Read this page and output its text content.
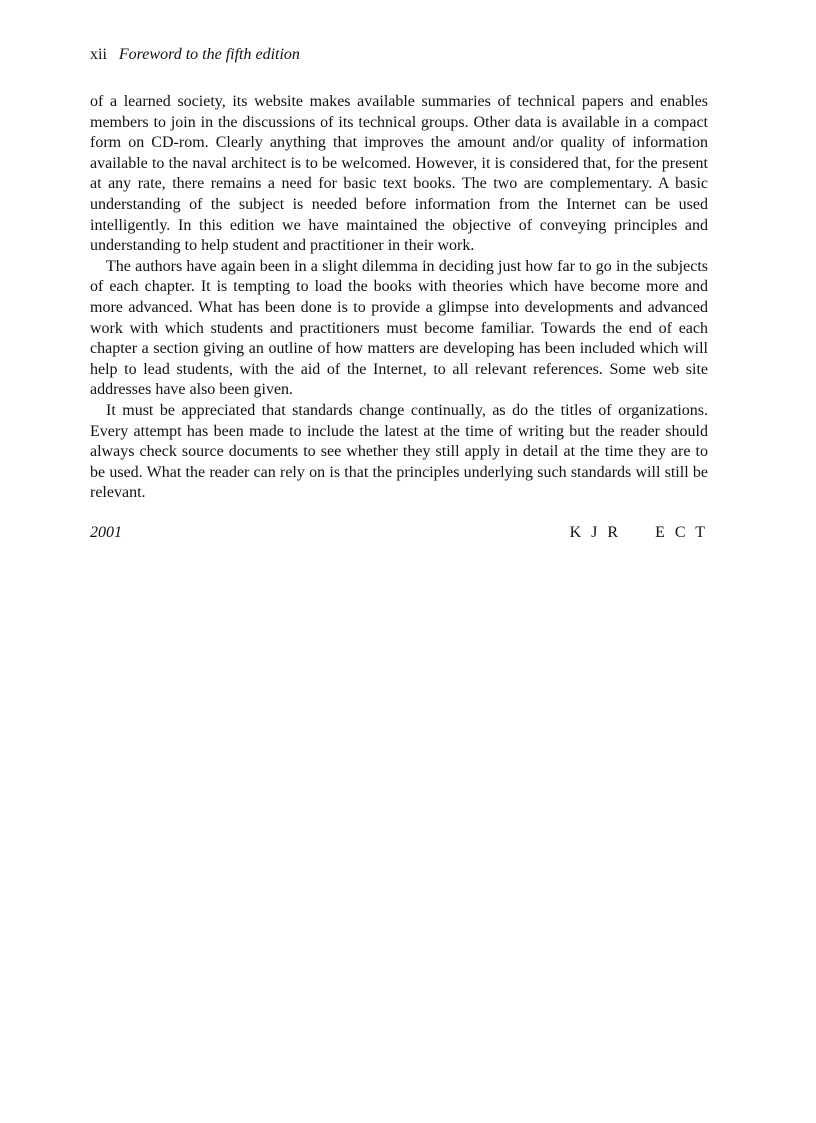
xii Foreword to the fifth edition

of a learned society, its website makes available summaries of technical papers and enables members to join in the discussions of its technical groups. Other data is available in a compact form on CD-rom. Clearly anything that improves the amount and/or quality of information available to the naval architect is to be welcomed. However, it is considered that, for the present at any rate, there remains a need for basic text books. The two are complementary. A basic understanding of the subject is needed before information from the Internet can be used intelligently. In this edition we have maintained the objective of conveying principles and understanding to help student and practitioner in their work.

The authors have again been in a slight dilemma in deciding just how far to go in the subjects of each chapter. It is tempting to load the books with theories which have become more and more advanced. What has been done is to provide a glimpse into developments and advanced work with which students and practitioners must become familiar. Towards the end of each chapter a section giving an outline of how matters are developing has been included which will help to lead students, with the aid of the Internet, to all relevant references. Some web site addresses have also been given.

It must be appreciated that standards change continually, as do the titles of organizations. Every attempt has been made to include the latest at the time of writing but the reader should always check source documents to see whether they still apply in detail at the time they are to be used. What the reader can rely on is that the principles underlying such standards will still be relevant.

2001	K J R E C T
